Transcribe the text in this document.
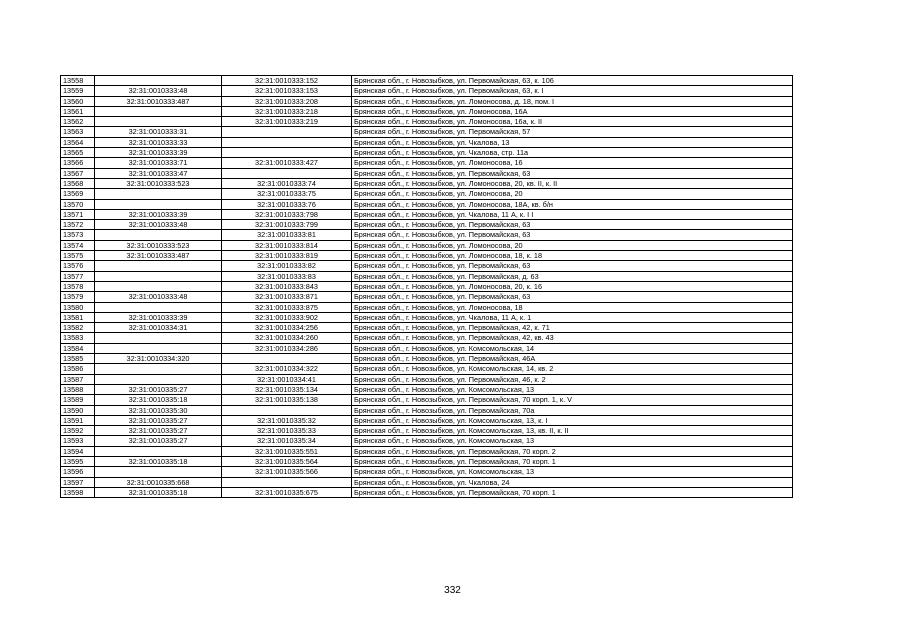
13558		32:31:0010333:152	Брянская обл., г. Новозыбков, ул. Первомайская, 63, к. 106
13559	32:31:0010333:48	32:31:0010333:153	Брянская обл., г. Новозыбков, ул. Первомайская, 63, к. I
13560	32:31:0010333:487	32:31:0010333:208	Брянская обл., г. Новозыбков, ул. Ломоносова, д. 18, пом. I
13561		32:31:0010333:218	Брянская обл., г. Новозыбков, ул. Ломоносова, 16А
13562		32:31:0010333:219	Брянская обл., г. Новозыбков, ул. Ломоносова, 16а, к. II
13563	32:31:0010333:31		Брянская обл., г. Новозыбков, ул. Первомайская, 57
13564	32:31:0010333:33		Брянская обл., г. Новозыбков, ул. Чкалова, 13
13565	32:31:0010333:39		Брянская обл., г. Новозыбков, ул. Чкалова, стр. 11а
13566	32:31:0010333:71	32:31:0010333:427	Брянская обл., г. Новозыбков, ул. Ломоносова, 16
13567	32:31:0010333:47		Брянская обл., г. Новозыбков, ул. Первомайская, 63
13568	32:31:0010333:523	32:31:0010333:74	Брянская обл., г. Новозыбков, ул. Ломоносова, 20, кв. II, к. II
13569		32:31:0010333:75	Брянская обл., г. Новозыбков, ул. Ломоносова, 20
13570		32:31:0010333:76	Брянская обл., г. Новозыбков, ул. Ломоносова, 18А, кв. б/н
13571	32:31:0010333:39	32:31:0010333:798	Брянская обл., г. Новозыбков, ул. Чкалова, 11 А, к. I I
13572	32:31:0010333:48	32:31:0010333:799	Брянская обл., г. Новозыбков, ул. Первомайская, 63
13573		32:31:0010333:81	Брянская обл., г. Новозыбков, ул. Первомайская, 63
13574	32:31:0010333:523	32:31:0010333:814	Брянская обл., г. Новозыбков, ул. Ломоносова, 20
13575	32:31:0010333:487	32:31:0010333:819	Брянская обл., г. Новозыбков, ул. Ломоносова, 18, к. 18
13576		32:31:0010333:82	Брянская обл., г. Новозыбков, ул. Первомайская, 63
13577		32:31:0010333:83	Брянская обл., г. Новозыбков, ул. Первомайская, д. 63
13578		32:31:0010333:843	Брянская обл., г. Новозыбков, ул. Ломоносова, 20, к. 16
13579	32:31:0010333:48	32:31:0010333:871	Брянская обл., г. Новозыбков, ул. Первомайская, 63
13580		32:31:0010333:875	Брянская обл., г. Новозыбков, ул. Ломоносова, 18
13581	32:31:0010333:39	32:31:0010333:902	Брянская обл., г. Новозыбков, ул. Чкалова, 11 А, к. 1
13582	32:31:0010334:31	32:31:0010334:256	Брянская обл., г. Новозыбков, ул. Первомайская, 42, к. 71
13583		32:31:0010334:260	Брянская обл., г. Новозыбков, ул. Первомайская, 42, кв. 43
13584		32:31:0010334:286	Брянская обл., г. Новозыбков, ул. Комсомольская, 14
13585	32:31:0010334:320		Брянская обл., г. Новозыбков, ул. Первомайская, 46А
13586		32:31:0010334:322	Брянская обл., г. Новозыбков, ул. Комсомольская, 14, кв. 2
13587		32:31:0010334:41	Брянская обл., г. Новозыбков, ул. Первомайская, 46, к. 2
13588	32:31:0010335:27	32:31:0010335:134	Брянская обл., г. Новозыбков, ул. Комсомольская, 13
13589	32:31:0010335:18	32:31:0010335:138	Брянская обл., г. Новозыбков, ул. Первомайская, 70 корп. 1, к. V
13590	32:31:0010335:30		Брянская обл., г. Новозыбков, ул. Первомайская, 70а
13591	32:31:0010335:27	32:31:0010335:32	Брянская обл., г. Новозыбков, ул. Комсомольская, 13, к. I
13592	32:31:0010335:27	32:31:0010335:33	Брянская обл., г. Новозыбков, ул. Комсомольская, 13, кв. II, к. II
13593	32:31:0010335:27	32:31:0010335:34	Брянская обл., г. Новозыбков, ул. Комсомольская, 13
13594		32:31:0010335:551	Брянская обл., г. Новозыбков, ул. Первомайская, 70 корп. 2
13595	32:31:0010335:18	32:31:0010335:564	Брянская обл., г. Новозыбков, ул. Первомайская, 70 корп. 1
13596		32:31:0010335:566	Брянская обл., г. Новозыбков, ул. Комсомольская, 13
13597	32:31:0010335:668		Брянская обл., г. Новозыбков, ул. Чкалова, 24
13598	32:31:0010335:18	32:31:0010335:675	Брянская обл., г. Новозыбков, ул. Первомайская, 70 корп. 1
332
